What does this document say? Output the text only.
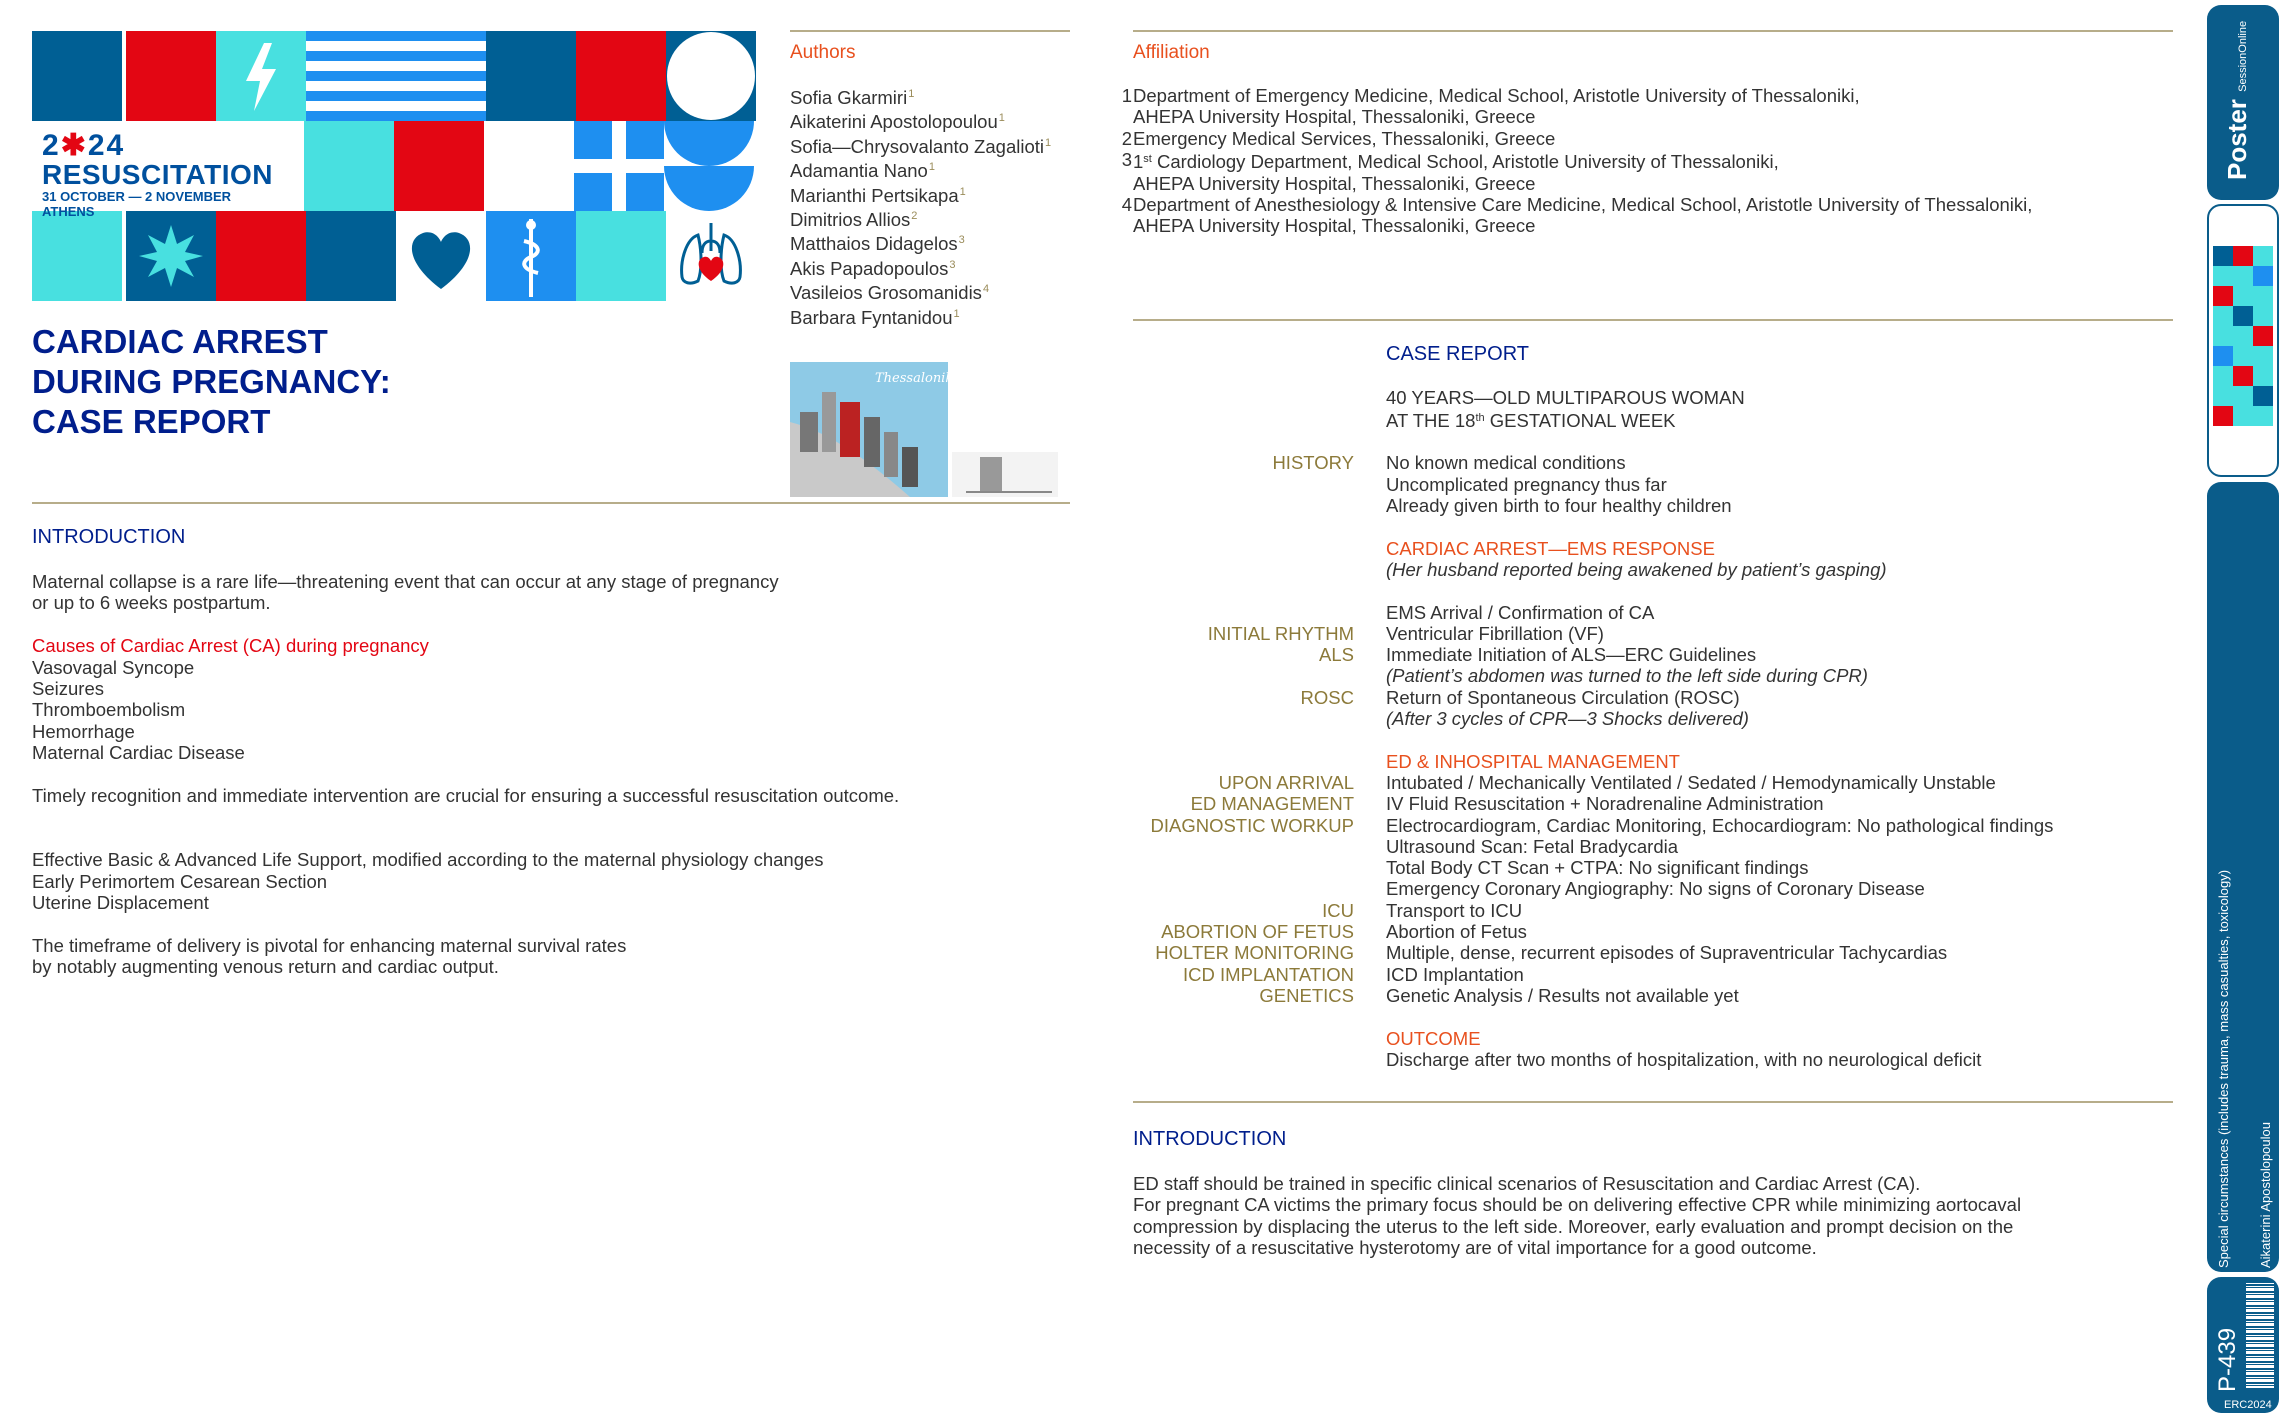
2✱24
RESUSCITATION
31 OCTOBER — 2 NOVEMBER
ATHENS
CARDIAC ARREST
DURING PREGNANCY:
CASE REPORT
Authors
Sofia Gkarmiri$^1$
Aikaterini Apostolopoulou$^1$
Sofia—Chrysovalanto Zagalioti$^1$
Adamantia Nano$^1$
Marianthi Pertsikapa$^1$
Dimitrios Allios$^2$
Matthaios Didagelos$^3$
Akis Papadopoulos$^3$
Vasileios Grosomanidis$^4$
Barbara Fyntanidou$^1$
Thessaloniki
Affiliation
1 Department of Emergency Medicine, Medical School, Aristotle University of Thessaloniki,
AHEPA University Hospital, Thessaloniki, Greece
2 Emergency Medical Services, Thessaloniki, Greece
3 1st Cardiology Department, Medical School, Aristotle University of Thessaloniki,
AHEPA University Hospital, Thessaloniki, Greece
4 Department of Anesthesiology & Intensive Care Medicine, Medical School, Aristotle University of Thessaloniki,
AHEPA University Hospital, Thessaloniki, Greece
INTRODUCTION
Maternal collapse is a rare life—threatening event that can occur at any stage of pregnancy
or up to 6 weeks postpartum.
Causes of Cardiac Arrest (CA) during pregnancy
Vasovagal Syncope
Seizures
Thromboembolism
Hemorrhage
Maternal Cardiac Disease
Timely recognition and immediate intervention are crucial for ensuring a successful resuscitation outcome.
Effective Basic & Advanced Life Support, modified according to the maternal physiology changes
Early Perimortem Cesarean Section
Uterine Displacement
The timeframe of delivery is pivotal for enhancing maternal survival rates
by notably augmenting venous return and cardiac output.
CASE REPORT
40 YEARS—OLD MULTIPAROUS WOMAN
AT THE 18th GESTATIONAL WEEK
HISTORY No known medical conditions
Uncomplicated pregnancy thus far
Already given birth to four healthy children
CARDIAC ARREST—EMS RESPONSE
(Her husband reported being awakened by patient’s gasping)
EMS Arrival / Confirmation of CA
INITIAL RHYTHM Ventricular Fibrillation (VF)
ALS Immediate Initiation of ALS—ERC Guidelines
(Patient’s abdomen was turned to the left side during CPR)
ROSC Return of Spontaneous Circulation (ROSC)
(After 3 cycles of CPR—3 Shocks delivered)
ED & INHOSPITAL MANAGEMENT
UPON ARRIVAL Intubated / Mechanically Ventilated / Sedated / Hemodynamically Unstable
ED MANAGEMENT IV Fluid Resuscitation + Noradrenaline Administration
DIAGNOSTIC WORKUP Electrocardiogram, Cardiac Monitoring, Echocardiogram: No pathological findings
Ultrasound Scan: Fetal Bradycardia
Total Body CT Scan + CTPA: No significant findings
Emergency Coronary Angiography: No signs of Coronary Disease
ICU Transport to ICU
ABORTION OF FETUS Abortion of Fetus
HOLTER MONITORING Multiple, dense, recurrent episodes of Supraventricular Tachycardias
ICD IMPLANTATION ICD Implantation
GENETICS Genetic Analysis / Results not available yet
OUTCOME
Discharge after two months of hospitalization, with no neurological deficit
INTRODUCTION
ED staff should be trained in specific clinical scenarios of Resuscitation and Cardiac Arrest (CA).
For pregnant CA victims the primary focus should be on delivering effective CPR while minimizing aortocaval
compression by displacing the uterus to the left side. Moreover, early evaluation and prompt decision on the
necessity of a resuscitative hysterotomy are of vital importance for a good outcome.
Poster SessionOnline
Special circumstances (includes trauma, mass casualties, toxicology) Aikaterini Apostolopoulou
P-439
ERC2024
